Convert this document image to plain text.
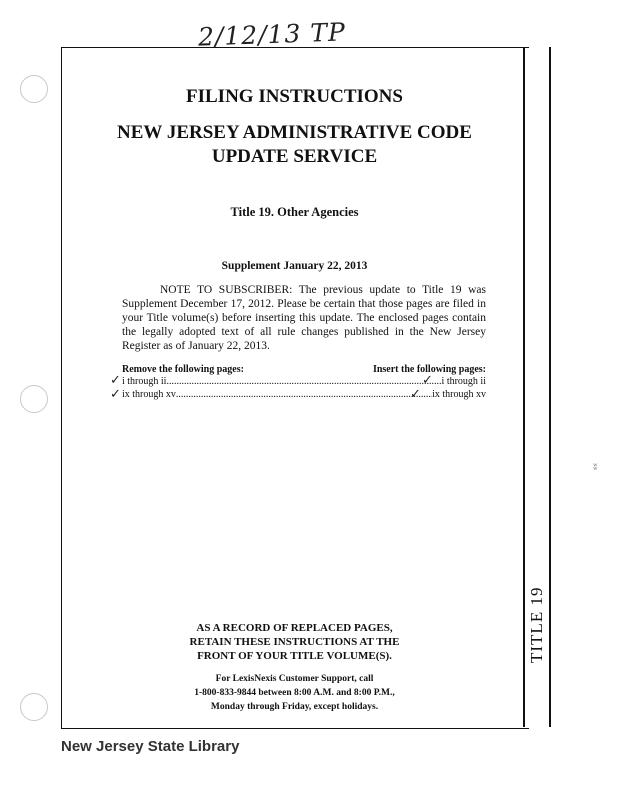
2/12/13 TP
TITLE 19
FILING INSTRUCTIONS
NEW JERSEY ADMINISTRATIVE CODE
UPDATE SERVICE
Title 19. Other Agencies
Supplement January 22, 2013
NOTE TO SUBSCRIBER: The previous update to Title 19 was Supplement December 17, 2012. Please be certain that those pages are filed in your Title volume(s) before inserting this update. The enclosed pages contain the legally adopted text of all rule changes published in the New Jersey Register as of January 22, 2013.
Remove the following pages:	Insert the following pages:
i through ii .....	i through ii
ix through xv .....	ix through xv
✓
✓
✓
✓
AS A RECORD OF REPLACED PAGES,
RETAIN THESE INSTRUCTIONS AT THE
FRONT OF YOUR TITLE VOLUME(S).
For LexisNexis Customer Support, call
1-800-833-9844 between 8:00 A.M. and 8:00 P.M.,
Monday through Friday, except holidays.
ʬ
New Jersey State Library
